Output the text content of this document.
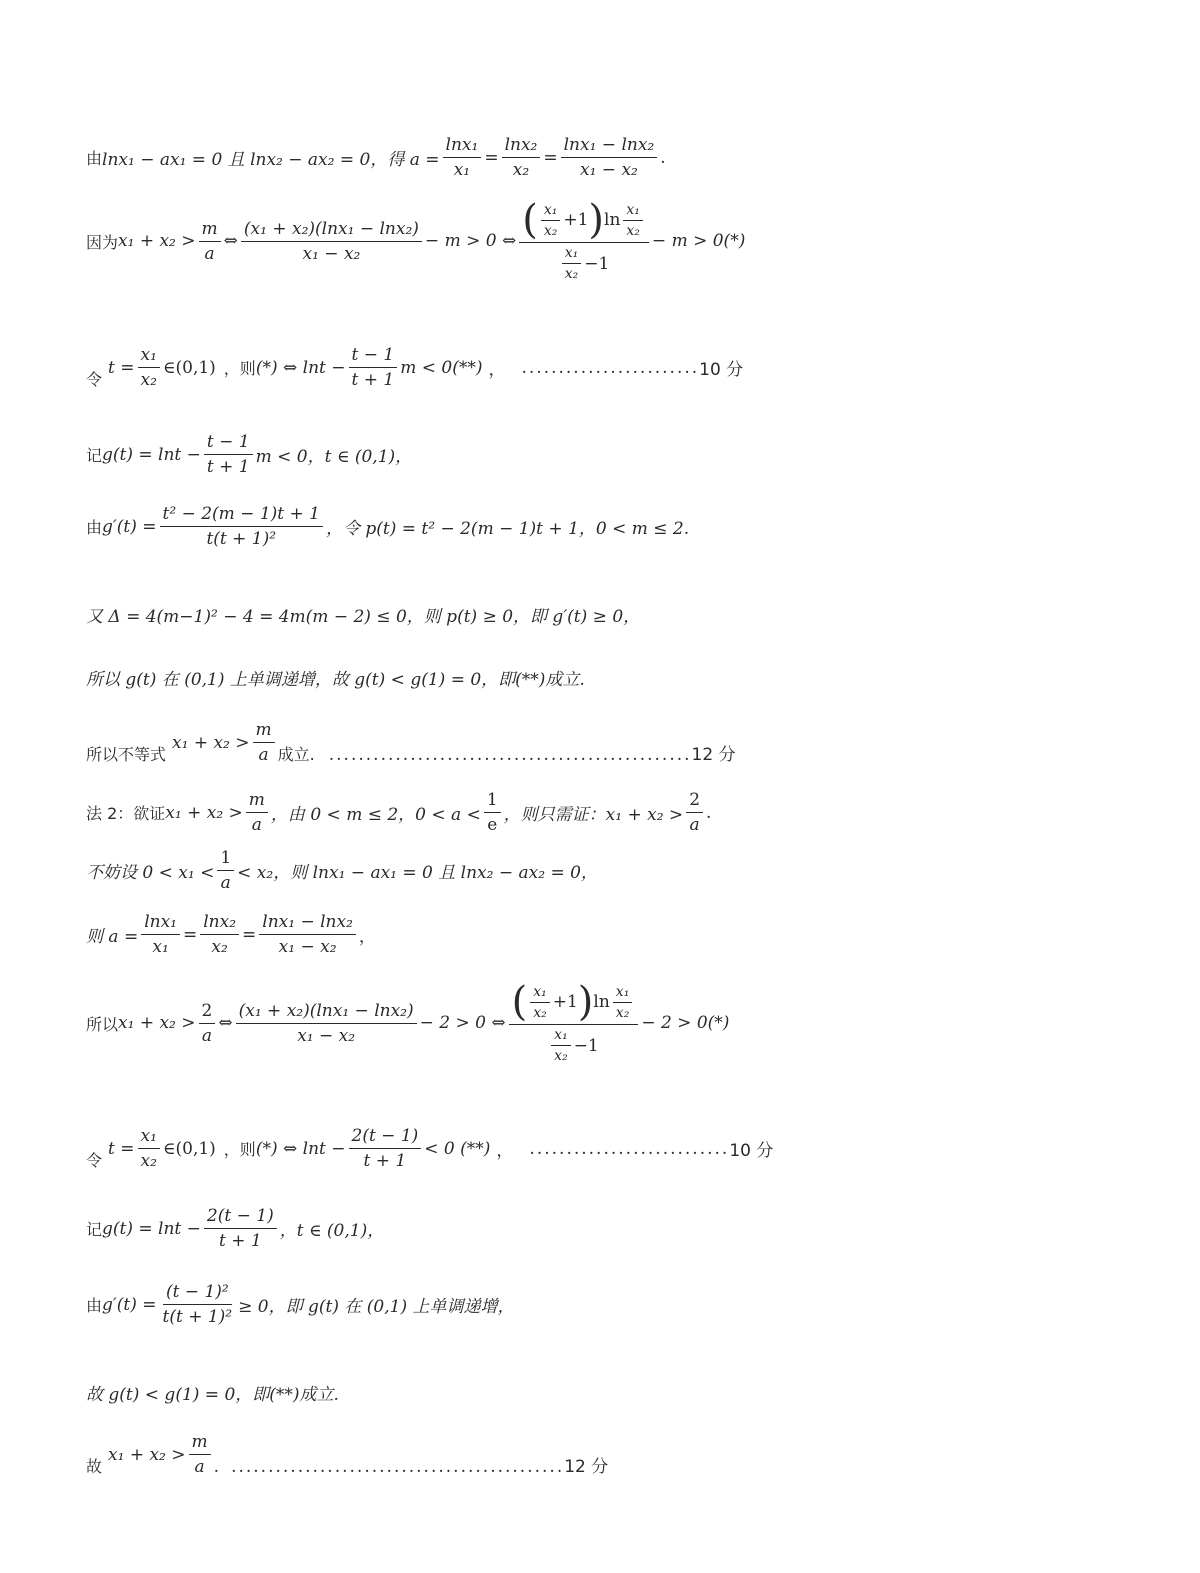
由 lnx₁ − ax₁ = 0 且 lnx₂ − ax₂ = 0，得 $a = \frac{\text{lnx₁}}{\text{x₁}} = \frac{\text{lnx₂}}{\text{x₂}} = \frac{\text{lnx₁ − lnx₂}}{\text{x₁ − x₂}}$ .
因为 $x_1 + x_2 > \frac{m}{a}$ ⇔ $\frac{\text{(x₁ + x₂)(lnx₁ − lnx₂)}}{\text{x₁ − x₂}} - m > 0$ ⇔ $\frac{( \frac{\text{x₁}}{\text{x₂}} +1 ) \ln \frac{\text{x₁}}{\text{x₂}}}{\frac{\text{x₁}}{\text{x₂}} -1} - m > 0(*)$
令
$t = \frac{\text{x₁}}{\text{x₂}}$ ∈(0,1) ，则 (*) ⇔ $\ln t - \frac{t - 1}{t + 1}$ m < 0(**) ， ........................ 10 分
记 $g(t) = \ln t - \frac{t - 1}{t + 1}$ m < 0，t ∈ (0,1)，
由 $g'(t) = \frac{\text{t² − 2(m − 1)t + 1}}{\text{t(t + 1)²}}$ ，令 p(t) = t² − 2(m − 1)t + 1，0 < m ≤ 2.
又 Δ = 4(m−1)² − 4 = 4m(m − 2) ≤ 0，则 p(t) ≥ 0，即 g′(t) ≥ 0，
所以 g(t) 在 (0,1) 上单调递增，故 g(t) < g(1) = 0，即(**)成立.
所以不等式
$x_1 + x_2 > \frac{m}{a}$ 成立. ................................................. 12 分
法 2：欲证 $x_1 + x_2 > \frac{m}{a}$ ，由 0 < m ≤ 2，$0 < a < \frac{1}{e}$ ，则只需证：$x_1 + x_2 > \frac{2}{a}$ .
不妨设 $0 < x_1 < \frac{1}{a} < x_2$，则 lnx₁ − ax₁ = 0 且 lnx₂ − ax₂ = 0，
则 $a = \frac{\text{lnx₁}}{\text{x₁}} = \frac{\text{lnx₂}}{\text{x₂}} = \frac{\text{lnx₁ − lnx₂}}{\text{x₁ − x₂}}$ ，
所以 $x_1 + x_2 > \frac{2}{a}$ ⇔ $\frac{\text{(x₁ + x₂)(lnx₁ − lnx₂)}}{\text{x₁ − x₂}} - 2 > 0$ ⇔ $\frac{( \frac{\text{x₁}}{\text{x₂}} +1 ) \ln \frac{\text{x₁}}{\text{x₂}}}{\frac{\text{x₁}}{\text{x₂}} -1} - 2 > 0(*)$
令
$t = \frac{\text{x₁}}{\text{x₂}}$ ∈(0,1) ，则 (*) ⇔ $\ln t - \frac{2(t - 1)}{t + 1} < 0$ (**) ， ........................... 10 分
记 $g(t) = \ln t - \frac{2(t - 1)}{t + 1}$ ，t ∈ (0,1)，
由 $g'(t) = \frac{\text{(t − 1)²}}{\text{t(t + 1)²}} \ge 0$，即 g(t) 在 (0,1) 上单调递增，
故 g(t) < g(1) = 0，即(**)成立.
故
$x_1 + x_2 > \frac{m}{a}$ . ............................................. 12 分
